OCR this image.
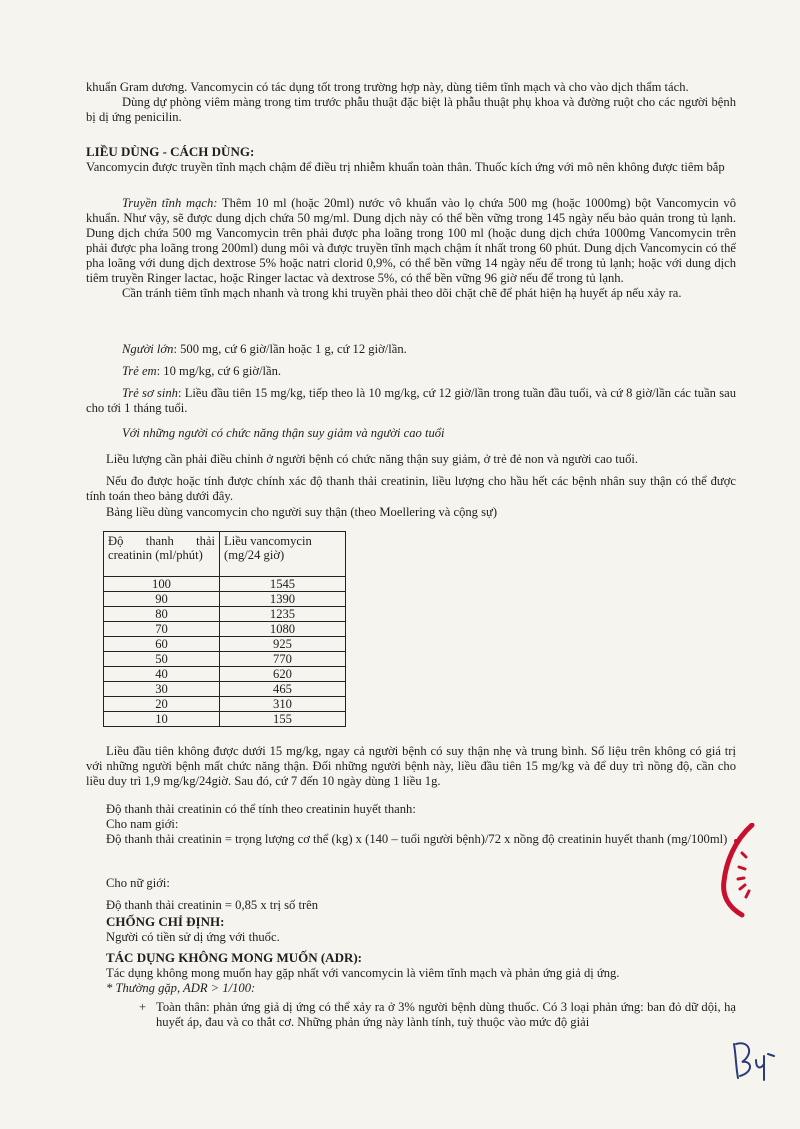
khuẩn Gram dương. Vancomycin có tác dụng tốt trong trường hợp này, dùng tiêm tĩnh mạch và cho vào dịch thẩm tách.

Dùng dự phòng viêm màng trong tim trước phẫu thuật đặc biệt là phẫu thuật phụ khoa và đường ruột cho các người bệnh bị dị ứng penicilin.

LIỀU DÙNG - CÁCH DÙNG:

Vancomycin được truyền tĩnh mạch chậm để điều trị nhiễm khuẩn toàn thân. Thuốc kích ứng với mô nên không được tiêm bắp

Truyền tĩnh mạch: Thêm 10 ml (hoặc 20ml) nước vô khuẩn vào lọ chứa 500 mg (hoặc 1000mg) bột Vancomycin vô khuẩn. Như vậy, sẽ được dung dịch chứa 50 mg/ml. Dung dịch này có thể bền vững trong 145 ngày nếu bảo quản trong tủ lạnh. Dung dịch chứa 500 mg Vancomycin trên phải được pha loãng trong 100 ml (hoặc dung dịch chứa 1000mg Vancomycin trên phải được pha loãng trong 200ml) dung môi và được truyền tĩnh mạch chậm ít nhất trong 60 phút. Dung dịch Vancomycin có thể pha loãng với dung dịch dextrose 5% hoặc natri clorid 0,9%, có thể bền vững 14 ngày nếu để trong tủ lạnh; hoặc với dung dịch tiêm truyền Ringer lactac, hoặc Ringer lactac và dextrose 5%, có thể bền vững 96 giờ nếu để trong tủ lạnh.

Cần tránh tiêm tĩnh mạch nhanh và trong khi truyền phải theo dõi chặt chẽ để phát hiện hạ huyết áp nếu xảy ra.

Người lớn: 500 mg, cứ 6 giờ/lần hoặc 1 g, cứ 12 giờ/lần.

Trẻ em: 10 mg/kg, cứ 6 giờ/lần.

Trẻ sơ sinh: Liều đầu tiên 15 mg/kg, tiếp theo là 10 mg/kg, cứ 12 giờ/lần trong tuần đầu tuổi, và cứ 8 giờ/lần các tuần sau cho tới 1 tháng tuổi.

Với những người có chức năng thận suy giảm và người cao tuổi

Liều lượng cần phải điều chỉnh ở người bệnh có chức năng thận suy giảm, ở trẻ đẻ non và người cao tuổi.

Nếu đo được hoặc tính được chính xác độ thanh thải creatinin, liều lượng cho hầu hết các bệnh nhân suy thận có thể được tính toán theo bảng dưới đây.

Bảng liều dùng vancomycin cho người suy thận (theo Moellering và cộng sự)

Độ thanh thải creatinin (ml/phút)	Liều vancomycin (mg/24 giờ)
100	1545
90	1390
80	1235
70	1080
60	925
50	770
40	620
30	465
20	310
10	155

Liều đầu tiên không được dưới 15 mg/kg, ngay cả người bệnh có suy thận nhẹ và trung bình. Số liệu trên không có giá trị với những người bệnh mất chức năng thận. Đối những người bệnh này, liều đầu tiên 15 mg/kg và để duy trì nồng độ, cần cho liều duy trì 1,9 mg/kg/24giờ. Sau đó, cứ 7 đến 10 ngày dùng 1 liều 1g.

Độ thanh thải creatinin có thể tính theo creatinin huyết thanh:

Cho nam giới:

Độ thanh thải creatinin = trọng lượng cơ thể (kg) x (140 – tuổi người bệnh)/72 x nồng độ creatinin huyết thanh (mg/100ml)

Cho nữ giới:

Độ thanh thải creatinin = 0,85 x trị số trên

CHỐNG CHỈ ĐỊNH:

Người có tiền sử dị ứng với thuốc.

TÁC DỤNG KHÔNG MONG MUỐN (ADR):

Tác dụng không mong muốn hay gặp nhất với vancomycin là viêm tĩnh mạch và phản ứng giả dị ứng.

* Thường gặp, ADR > 1/100:

+ Toàn thân: phản ứng giả dị ứng có thể xảy ra ở 3% người bệnh dùng thuốc. Có 3 loại phản ứng: ban đỏ dữ dội, hạ huyết áp, đau và co thắt cơ. Những phản ứng này lành tính, tuỳ thuộc vào mức độ giải
